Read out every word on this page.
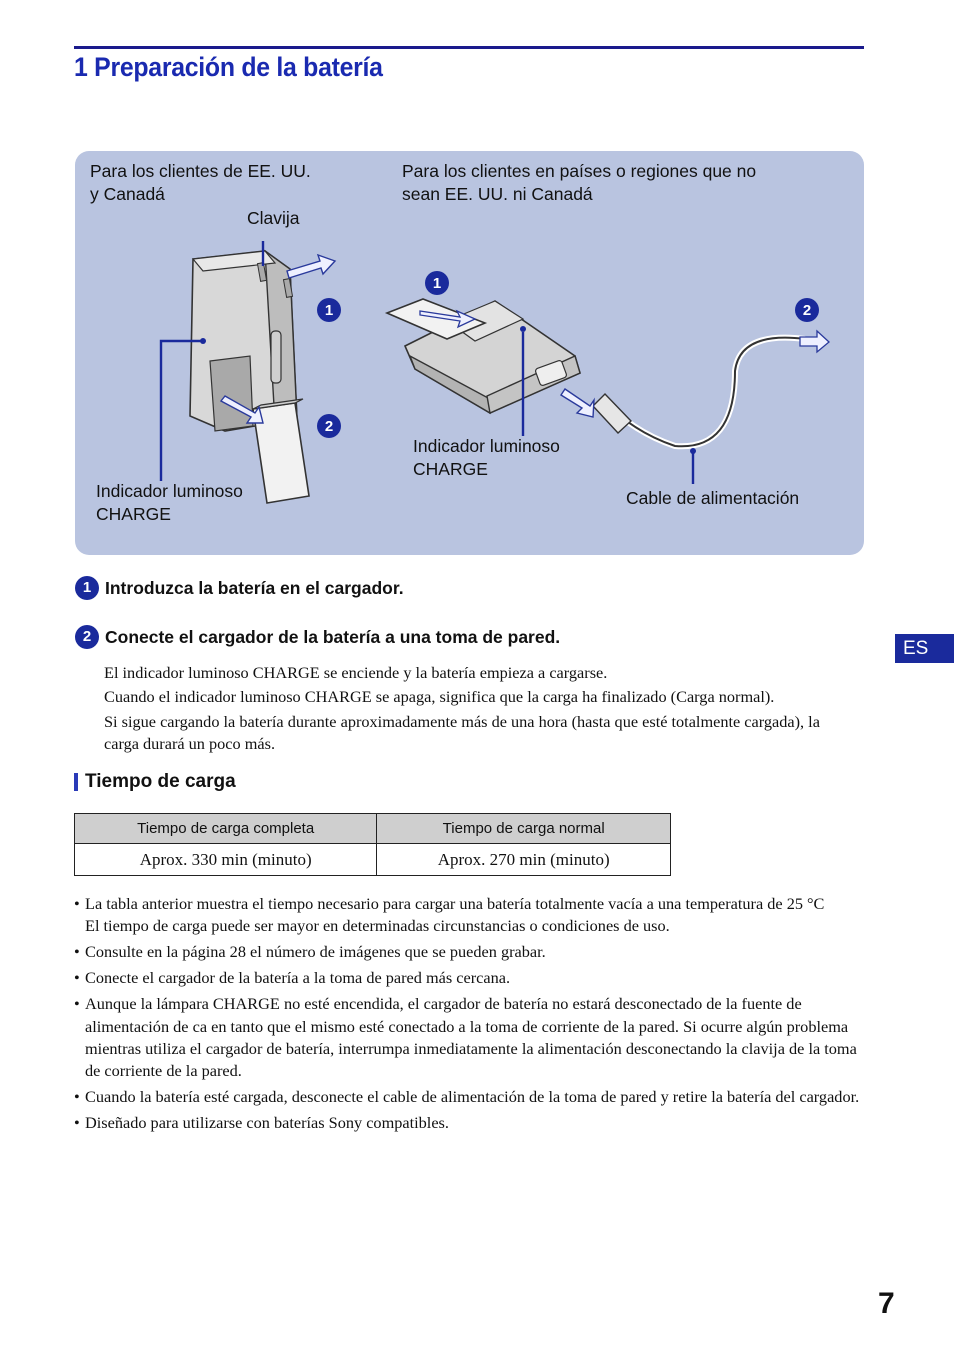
1 Preparación de la batería
1
2
1
2
Para los clientes de EE. UU.
y Canadá
Para los clientes en países o regiones que no
sean EE. UU. ni Canadá
Clavija
Indicador luminoso
CHARGE
Indicador luminoso
CHARGE
Cable de alimentación
1 Introduzca la batería en el cargador.
2 Conecte el cargador de la batería a una toma de pared.

El indicador luminoso CHARGE se enciende y la batería empieza a cargarse.

Cuando el indicador luminoso CHARGE se apaga, significa que la carga ha finalizado (Carga normal).

Si sigue cargando la batería durante aproximadamente más de una hora (hasta que esté totalmente cargada), la carga durará un poco más.

Tiempo de carga
Tiempo de carga completa	Tiempo de carga normal
Aprox. 330 min (minuto)	Aprox. 270 min (minuto)
• La tabla anterior muestra el tiempo necesario para cargar una batería totalmente vacía a una temperatura de 25 °C
El tiempo de carga puede ser mayor en determinadas circunstancias o condiciones de uso.
• Consulte en la página 28 el número de imágenes que se pueden grabar.
• Conecte el cargador de la batería a la toma de pared más cercana.
• Aunque la lámpara CHARGE no esté encendida, el cargador de batería no estará desconectado de la fuente de alimentación de ca en tanto que el mismo esté conectado a la toma de corriente de la pared. Si ocurre algún problema mientras utiliza el cargador de batería, interrumpa inmediatamente la alimentación desconectando la clavija de la toma de corriente de la pared.
• Cuando la batería esté cargada, desconecte el cable de alimentación de la toma de pared y retire la batería del cargador.
• Diseñado para utilizarse con baterías Sony compatibles.
ES
7
